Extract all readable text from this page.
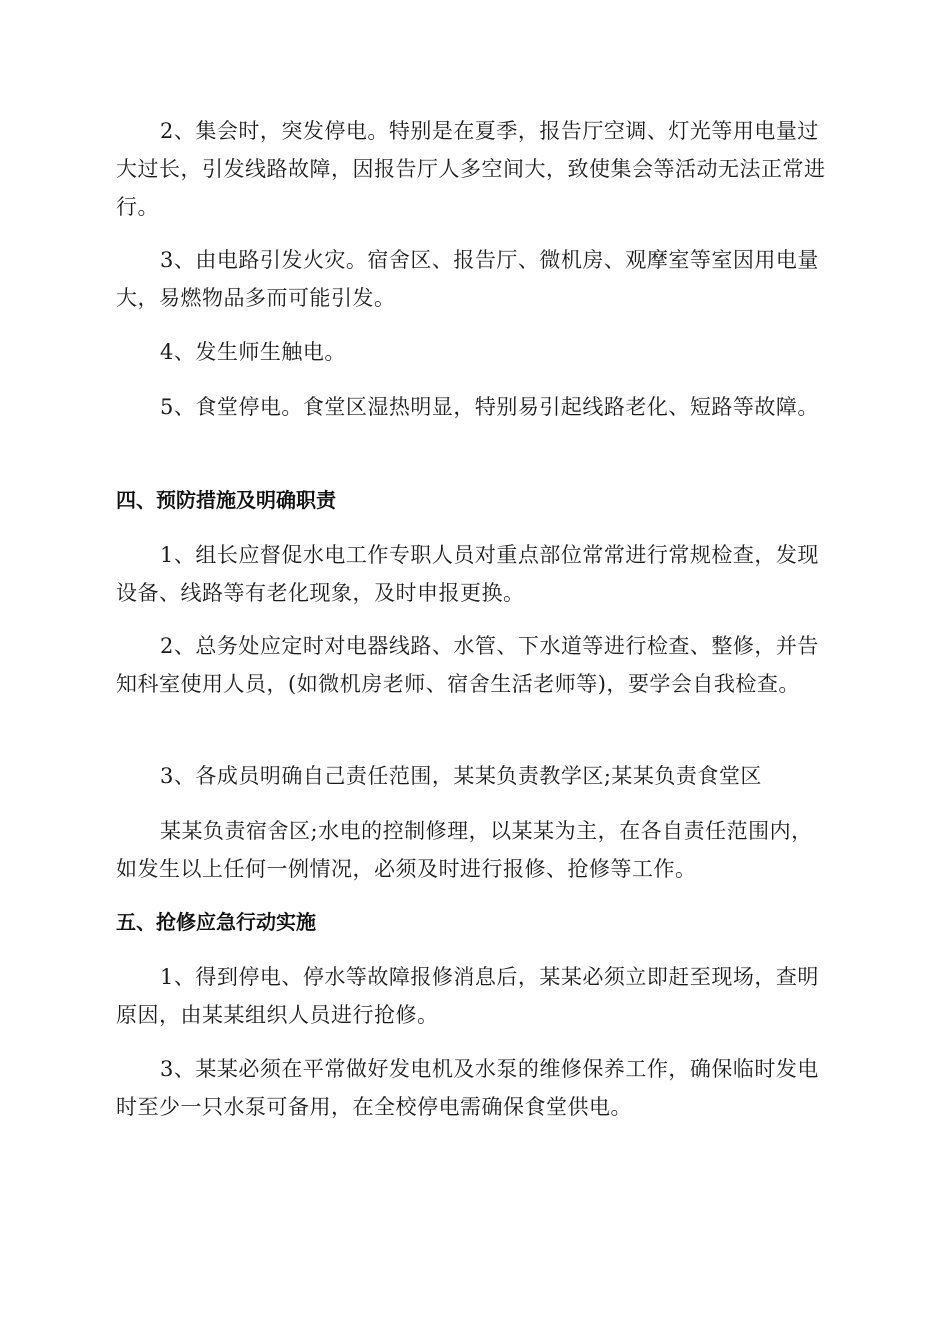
2、集会时，突发停电。特别是在夏季，报告厅空调、灯光等用电量过大过长，引发线路故障，因报告厅人多空间大，致使集会等活动无法正常进行。

3、由电路引发火灾。宿舍区、报告厅、微机房、观摩室等室因用电量大，易燃物品多而可能引发。

4、发生师生触电。

5、食堂停电。食堂区湿热明显，特别易引起线路老化、短路等故障。

四、预防措施及明确职责

1、组长应督促水电工作专职人员对重点部位常常进行常规检查，发现设备、线路等有老化现象，及时申报更换。

2、总务处应定时对电器线路、水管、下水道等进行检查、整修，并告知科室使用人员，(如微机房老师、宿舍生活老师等)，要学会自我检查。

3、各成员明确自己责任范围，某某负责教学区;某某负责食堂区

某某负责宿舍区;水电的控制修理，以某某为主，在各自责任范围内，如发生以上任何一例情况，必须及时进行报修、抢修等工作。

五、抢修应急行动实施

1、得到停电、停水等故障报修消息后，某某必须立即赶至现场，查明原因，由某某组织人员进行抢修。

3、某某必须在平常做好发电机及水泵的维修保养工作，确保临时发电时至少一只水泵可备用，在全校停电需确保食堂供电。
